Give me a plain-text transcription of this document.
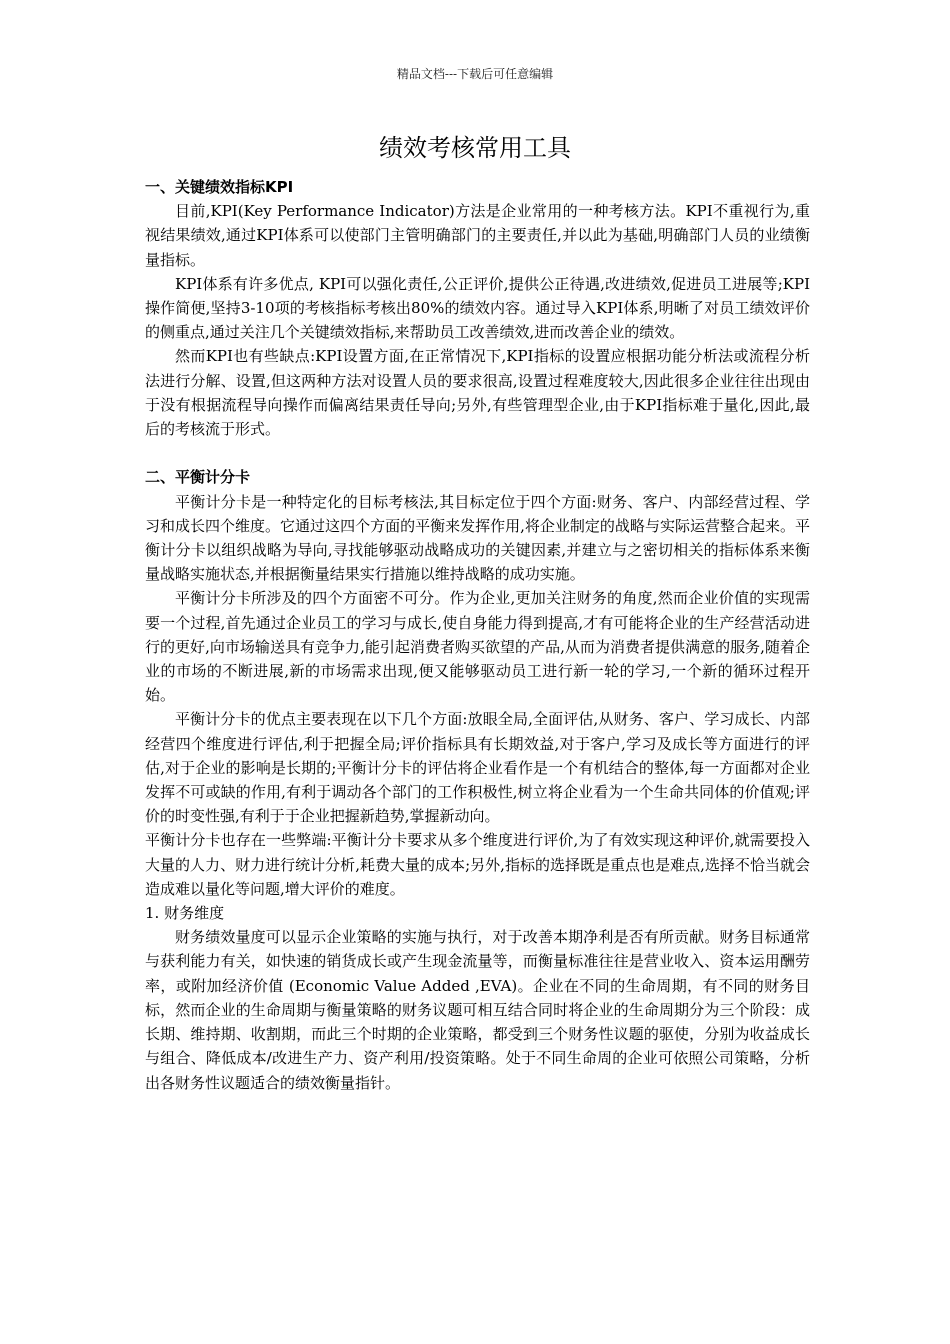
精品文档---下载后可任意编辑
绩效考核常用工具
一、关键绩效指标KPI

目前,KPI(Key Performance Indicator)方法是企业常用的一种考核方法。KPI不重视行为,重视结果绩效,通过KPI体系可以使部门主管明确部门的主要责任,并以此为基础,明确部门人员的业绩衡量指标。

KPI体系有许多优点, KPI可以强化责任,公正评价,提供公正待遇,改进绩效,促进员工进展等;KPI操作简便,坚持3-10项的考核指标考核出80%的绩效内容。通过导入KPI体系,明晰了对员工绩效评价的侧重点,通过关注几个关键绩效指标,来帮助员工改善绩效,进而改善企业的绩效。

然而KPI也有些缺点:KPI设置方面,在正常情况下,KPI指标的设置应根据功能分析法或流程分析法进行分解、设置,但这两种方法对设置人员的要求很高,设置过程难度较大,因此很多企业往往出现由于没有根据流程导向操作而偏离结果责任导向;另外,有些管理型企业,由于KPI指标难于量化,因此,最后的考核流于形式。

二、平衡计分卡

平衡计分卡是一种特定化的目标考核法,其目标定位于四个方面:财务、客户、内部经营过程、学习和成长四个维度。它通过这四个方面的平衡来发挥作用,将企业制定的战略与实际运营整合起来。平衡计分卡以组织战略为导向,寻找能够驱动战略成功的关键因素,并建立与之密切相关的指标体系来衡量战略实施状态,并根据衡量结果实行措施以维持战略的成功实施。

平衡计分卡所涉及的四个方面密不可分。作为企业,更加关注财务的角度,然而企业价值的实现需要一个过程,首先通过企业员工的学习与成长,使自身能力得到提高,才有可能将企业的生产经营活动进行的更好,向市场输送具有竞争力,能引起消费者购买欲望的产品,从而为消费者提供满意的服务,随着企业的市场的不断进展,新的市场需求出现,便又能够驱动员工进行新一轮的学习,一个新的循环过程开始。

平衡计分卡的优点主要表现在以下几个方面:放眼全局,全面评估,从财务、客户、学习成长、内部经营四个维度进行评估,利于把握全局;评价指标具有长期效益,对于客户,学习及成长等方面进行的评估,对于企业的影响是长期的;平衡计分卡的评估将企业看作是一个有机结合的整体,每一方面都对企业发挥不可或缺的作用,有利于调动各个部门的工作积极性,树立将企业看为一个生命共同体的价值观;评价的时变性强,有利于于企业把握新趋势,掌握新动向。

平衡计分卡也存在一些弊端:平衡计分卡要求从多个维度进行评价,为了有效实现这种评价,就需要投入大量的人力、财力进行统计分析,耗费大量的成本;另外,指标的选择既是重点也是难点,选择不恰当就会造成难以量化等问题,增大评价的难度。

1. 财务维度

财务绩效量度可以显示企业策略的实施与执行，对于改善本期净利是否有所贡献。财务目标通常与获利能力有关，如快速的销货成长或产生现金流量等，而衡量标准往往是营业收入、资本运用酬劳率，或附加经济价值 (Economic Value Added ,EVA)。企业在不同的生命周期，有不同的财务目标，然而企业的生命周期与衡量策略的财务议题可相互结合同时将企业的生命周期分为三个阶段：成长期、维持期、收割期，而此三个时期的企业策略，都受到三个财务性议题的驱使，分别为收益成长与组合、降低成本/改进生产力、资产利用/投资策略。处于不同生命周的企业可依照公司策略，分析出各财务性议题适合的绩效衡量指针。
